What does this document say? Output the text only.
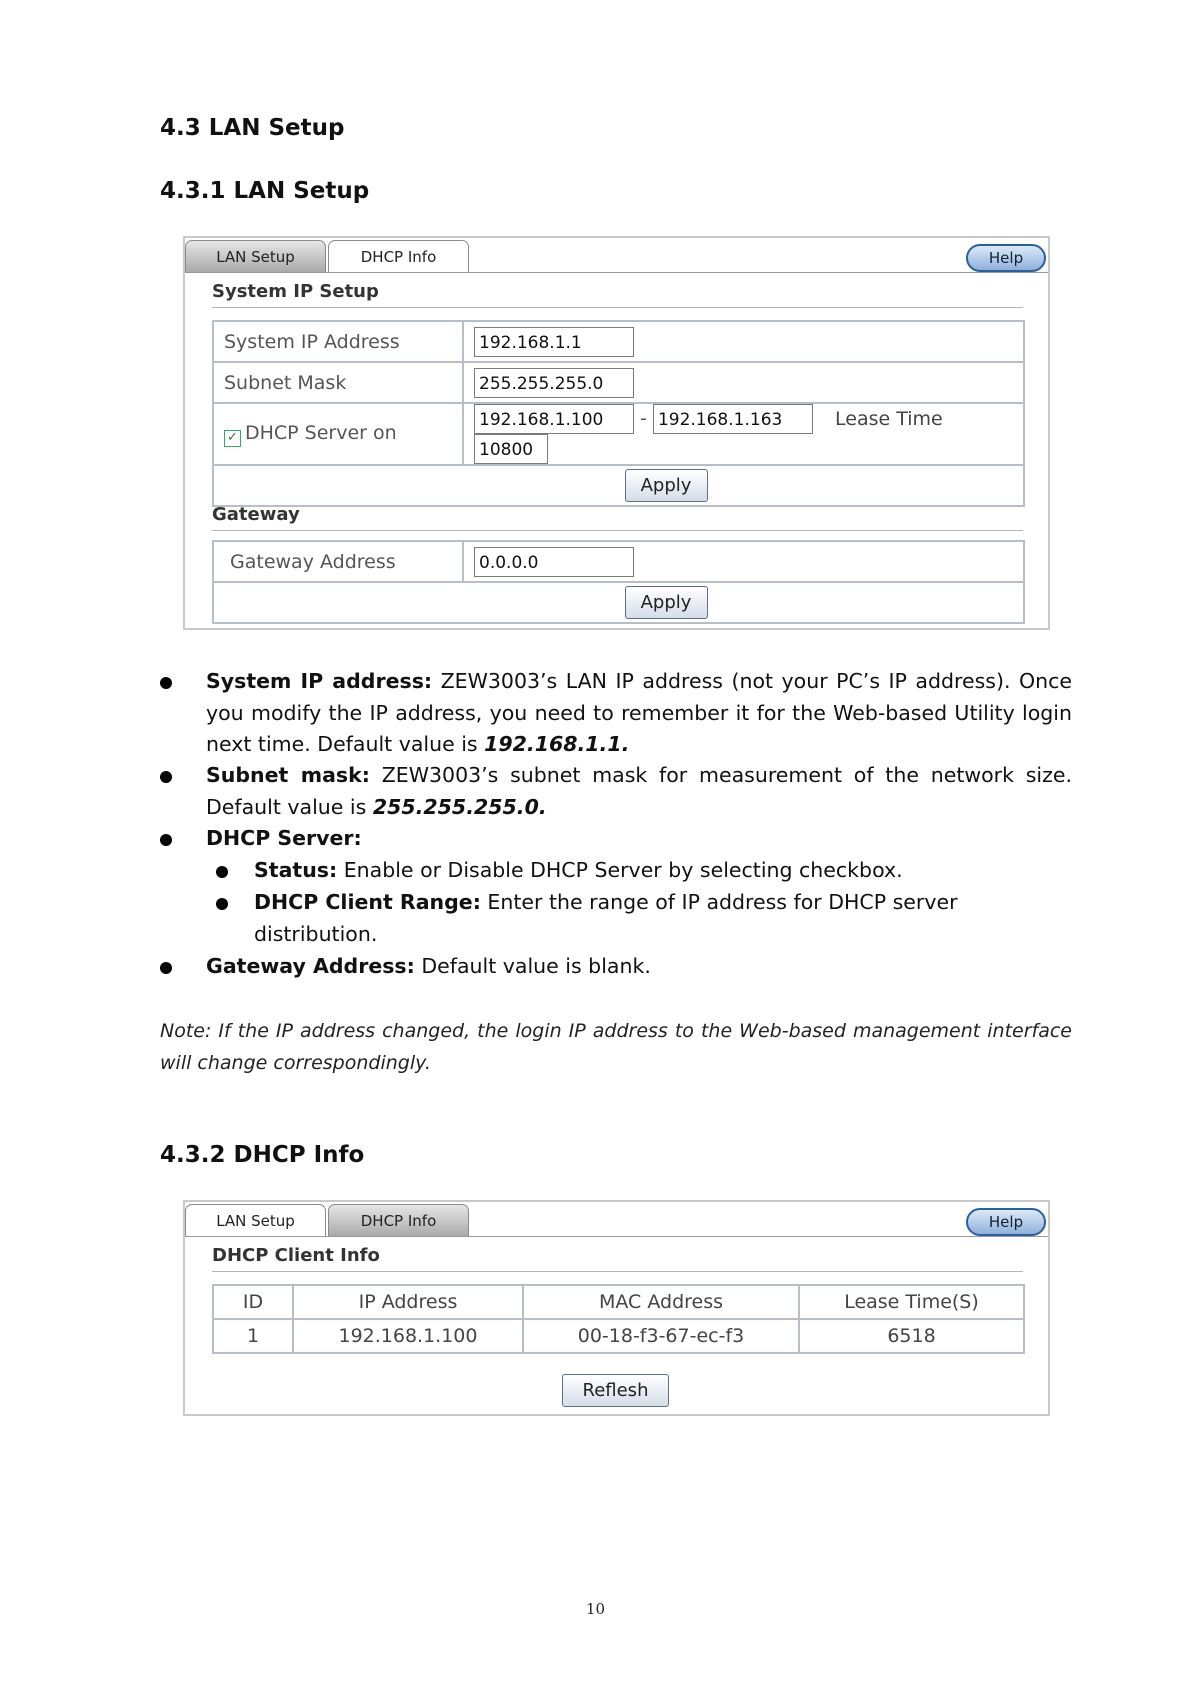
4.3 LAN Setup
4.3.1 LAN Setup
LAN Setup	DHCP Info	Help
System IP Setup
System IP Address	192.168.1.1
Subnet Mask	255.255.255.0
✓ DHCP Server on	192.168.1.100 - 192.168.1.163 Lease Time10800
Apply	
Gateway
Gateway Address	0.0.0.0
Apply
System IP address: ZEW3003’s LAN IP address (not your PC’s IP address). Once you modify the IP address, you need to remember it for the Web-based Utility login next time. Default value is 192.168.1.1.
Subnet mask: ZEW3003’s subnet mask for measurement of the network size. Default value is 255.255.255.0.
DHCP Server:
Status: Enable or Disable DHCP Server by selecting checkbox.
DHCP Client Range: Enter the range of IP address for DHCP server distribution.
Gateway Address: Default value is blank.
Note: If the IP address changed, the login IP address to the Web-based management interface will change correspondingly.
4.3.2 DHCP Info
LAN Setup	DHCP Info	Help
DHCP Client Info
ID	IP Address	MAC Address	Lease Time(S)
1	192.168.1.100	00-18-f3-67-ec-f3	6518
Reflesh
10
